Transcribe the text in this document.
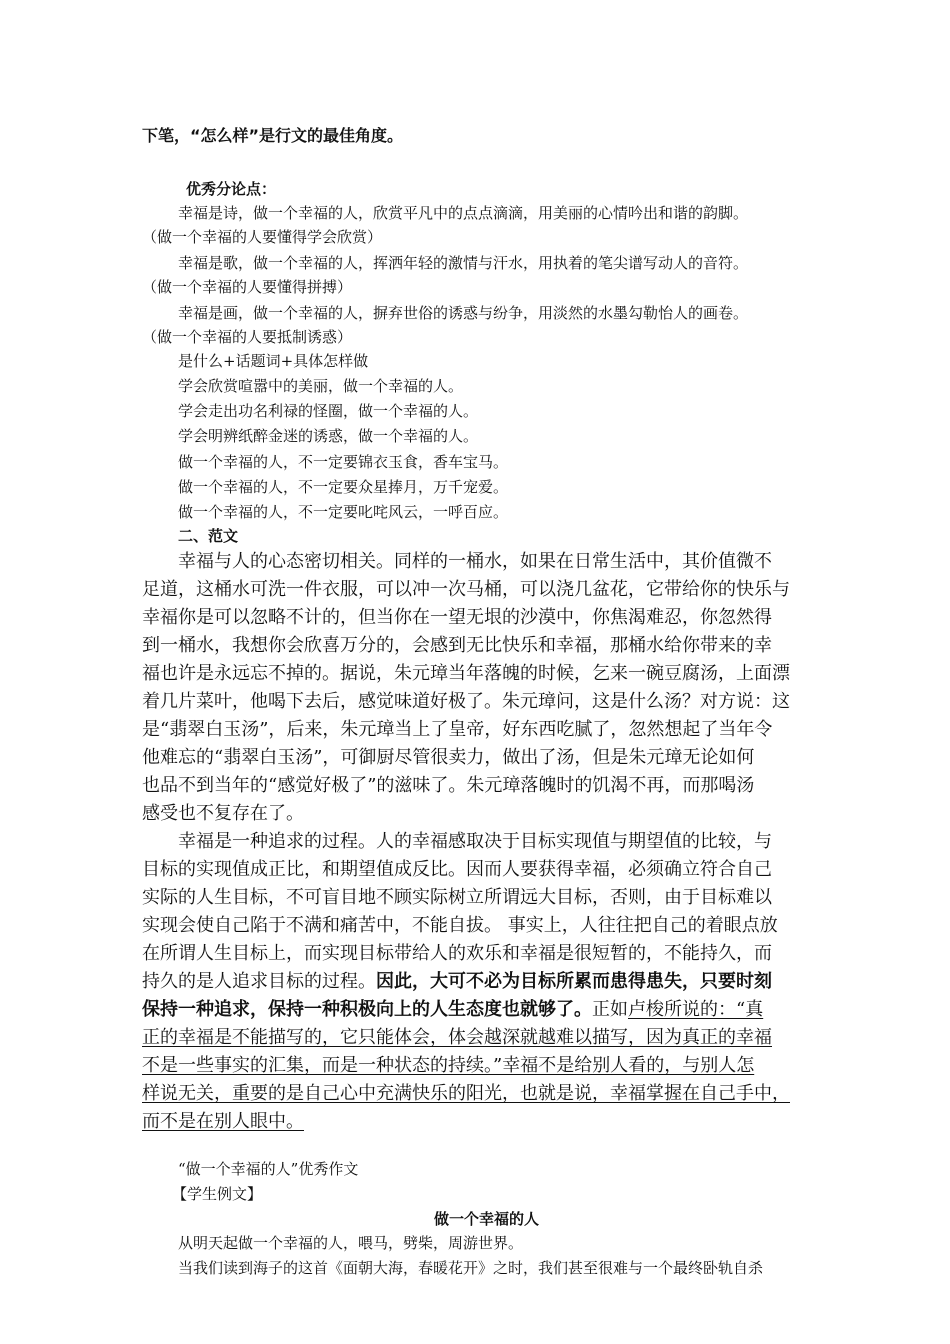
下笔，“怎么样”是行文的最佳角度。
优秀分论点：
幸福是诗，做一个幸福的人，欣赏平凡中的点点滴滴，用美丽的心情吟出和谐的韵脚。
（做一个幸福的人要懂得学会欣赏）
幸福是歌，做一个幸福的人，挥洒年轻的激情与汗水，用执着的笔尖谱写动人的音符。
（做一个幸福的人要懂得拼搏）
幸福是画，做一个幸福的人，摒弃世俗的诱惑与纷争，用淡然的水墨勾勒怡人的画卷。
（做一个幸福的人要抵制诱惑）
是什么+话题词+具体怎样做
学会欣赏喧嚣中的美丽，做一个幸福的人。
学会走出功名利禄的怪圈，做一个幸福的人。
学会明辨纸醉金迷的诱惑，做一个幸福的人。
做一个幸福的人，不一定要锦衣玉食，香车宝马。
做一个幸福的人，不一定要众星捧月，万千宠爱。
做一个幸福的人，不一定要叱咤风云，一呼百应。
二、范文
幸福与人的心态密切相关。同样的一桶水，如果在日常生活中，其价值微不
足道，这桶水可洗一件衣服，可以冲一次马桶，可以浇几盆花，它带给你的快乐与
幸福你是可以忽略不计的，但当你在一望无垠的沙漠中，你焦渴难忍，你忽然得
到一桶水，我想你会欣喜万分的，会感到无比快乐和幸福，那桶水给你带来的幸
福也许是永远忘不掉的。据说，朱元璋当年落魄的时候，乞来一碗豆腐汤，上面漂
着几片菜叶，他喝下去后，感觉味道好极了。朱元璋问，这是什么汤？对方说：这
是“翡翠白玉汤”，后来，朱元璋当上了皇帝，好东西吃腻了，忽然想起了当年令
他难忘的“翡翠白玉汤”，可御厨尽管很卖力，做出了汤，但是朱元璋无论如何
也品不到当年的“感觉好极了”的滋味了。朱元璋落魄时的饥渴不再，而那喝汤
感受也不复存在了。
幸福是一种追求的过程。人的幸福感取决于目标实现值与期望值的比较，与
目标的实现值成正比，和期望值成反比。因而人要获得幸福，必须确立符合自己
实际的人生目标，不可盲目地不顾实际树立所谓远大目标，否则，由于目标难以
实现会使自己陷于不满和痛苦中，不能自拔。 事实上，人往往把自己的着眼点放
在所谓人生目标上，而实现目标带给人的欢乐和幸福是很短暂的，不能持久，而
持久的是人追求目标的过程。因此，大可不必为目标所累而患得患失，只要时刻
保持一种追求，保持一种积极向上的人生态度也就够了。正如卢梭所说的：“真
正的幸福是不能描写的，它只能体会，体会越深就越难以描写，因为真正的幸福
不是一些事实的汇集，而是一种状态的持续。”幸福不是给别人看的，与别人怎
样说无关，重要的是自己心中充满快乐的阳光，也就是说，幸福掌握在自己手中，
而不是在别人眼中。
“做一个幸福的人”优秀作文
【学生例文】
做一个幸福的人
从明天起做一个幸福的人，喂马，劈柴，周游世界。
当我们读到海子的这首《面朝大海，春暖花开》之时，我们甚至很难与一个最终卧轨自杀
